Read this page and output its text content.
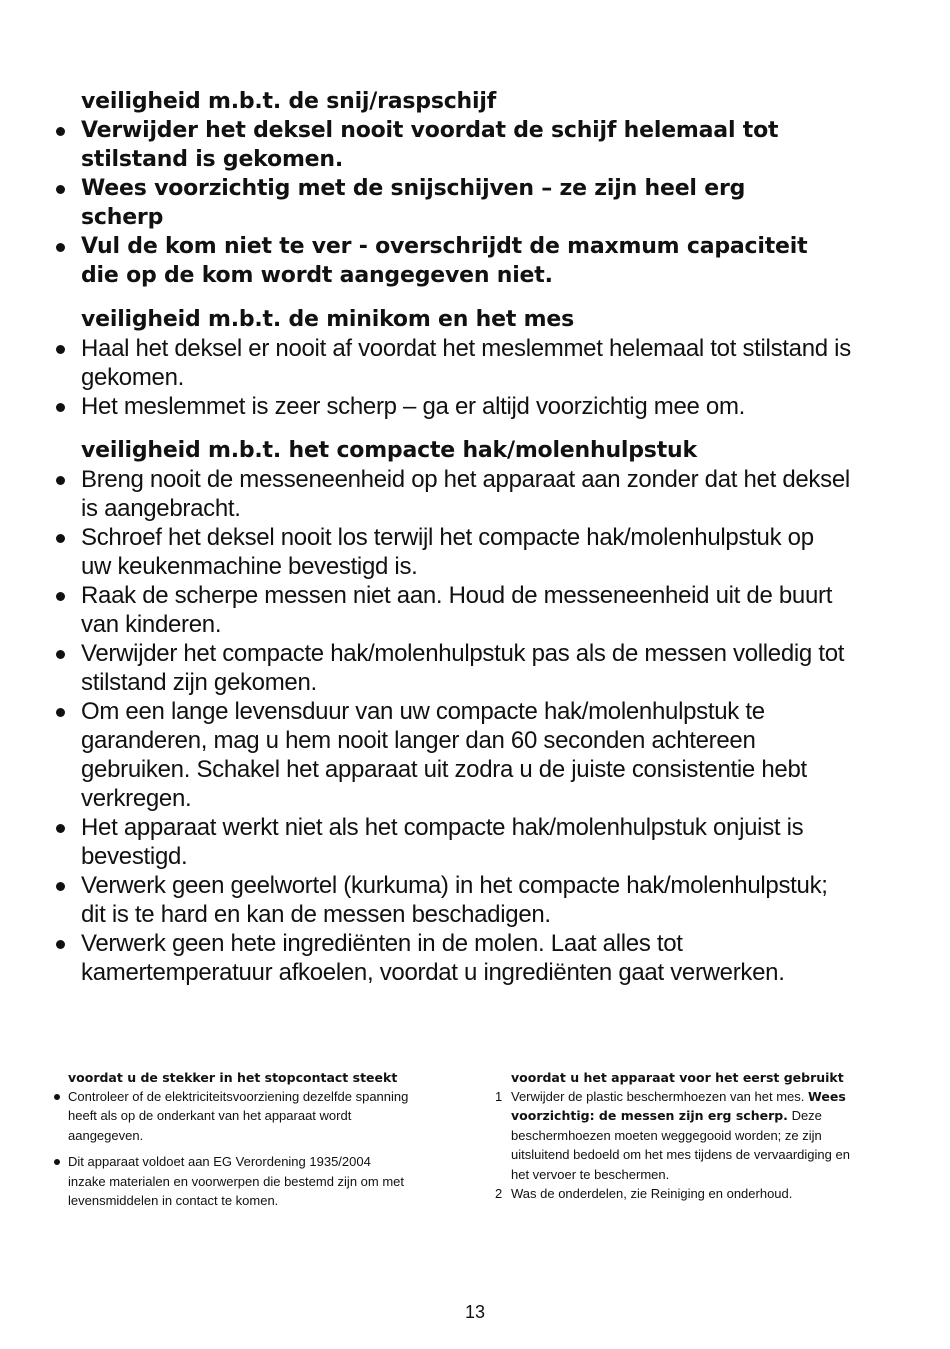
veiligheid m.b.t. de snij/raspschijf
Verwijder het deksel nooit voordat de schijf helemaal tot
stilstand is gekomen.
Wees voorzichtig met de snijschijven – ze zijn heel erg
scherp
Vul de kom niet te ver - overschrijdt de maxmum capaciteit
die op de kom wordt aangegeven niet.
veiligheid m.b.t. de minikom en het mes
Haal het deksel er nooit af voordat het meslemmet helemaal tot stilstand is
gekomen.
Het meslemmet is zeer scherp – ga er altijd voorzichtig mee om.
veiligheid m.b.t. het compacte hak/molenhulpstuk
Breng nooit de messeneenheid op het apparaat aan zonder dat het deksel
is aangebracht.
Schroef het deksel nooit los terwijl het compacte hak/molenhulpstuk op
uw keukenmachine bevestigd is.
Raak de scherpe messen niet aan. Houd de messeneenheid uit de buurt
van kinderen.
Verwijder het compacte hak/molenhulpstuk pas als de messen volledig tot
stilstand zijn gekomen.
Om een lange levensduur van uw compacte hak/molenhulpstuk te
garanderen, mag u hem nooit langer dan 60 seconden achtereen
gebruiken. Schakel het apparaat uit zodra u de juiste consistentie hebt
verkregen.
Het apparaat werkt niet als het compacte hak/molenhulpstuk onjuist is
bevestigd.
Verwerk geen geelwortel (kurkuma) in het compacte hak/molenhulpstuk;
dit is te hard en kan de messen beschadigen.
Verwerk geen hete ingrediënten in de molen. Laat alles tot
kamertemperatuur afkoelen, voordat u ingrediënten gaat verwerken.
voordat u de stekker in het stopcontact steekt
Controleer of de elektriciteitsvoorziening dezelfde spanning
heeft als op de onderkant van het apparaat wordt
aangegeven.
Dit apparaat voldoet aan EG Verordening 1935/2004
inzake materialen en voorwerpen die bestemd zijn om met
levensmiddelen in contact te komen.
voordat u het apparaat voor het eerst gebruikt
1 Verwijder de plastic beschermhoezen van het mes. Wees
voorzichtig: de messen zijn erg scherp. Deze
beschermhoezen moeten weggegooid worden; ze zijn
uitsluitend bedoeld om het mes tijdens de vervaardiging en
het vervoer te beschermen.
2 Was de onderdelen, zie Reiniging en onderhoud.
13
